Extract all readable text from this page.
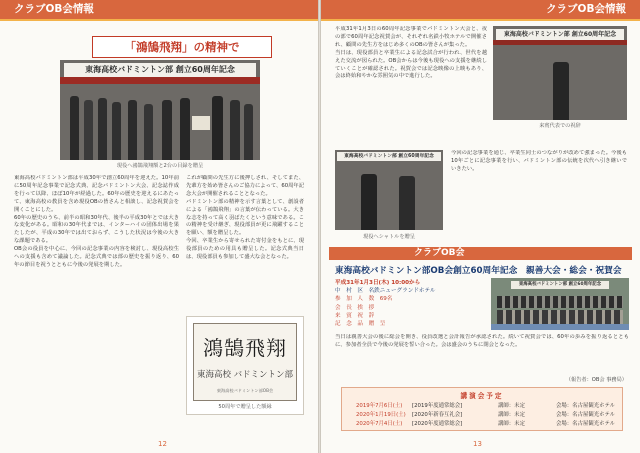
クラブOB会情報
「鴻鵠飛翔」の精神で
東海高校バドミントン部 創立60周年記念
現役へ鴻鵠飛翔額と2台の目録を贈呈

東海高校バドミントン部は平成30年で創立60周年を迎えた。10年前に50周年記念事業で記念式典、記念バドミントン大会、記念誌作成を行って以降、ほぼ10年が経過した。60年の歴史を迎えるにあたって、東海高校の教員を含め現役OBの皆さんと相談し、記念祝賀会を開くことにした。

60年の歴史のうち、前半の昭和30年代、後半の平成30年とでは大きな変化がある。昭和の30年代までは、インターハイの団体出場を果たしたが、平成の30年では出ておらず、こうした状況は今後の大きな課題である。

OB会の役員を中心に、今回の記念事業の内容を検討し、現役高校生への支援も含めて議論した。記念式典では部の歴史を振り返り、60年の節目を祝うとともに今後の発展を期した。

これが顧問の先生方に後押しされ、そしてまた、先輩方を始め皆さんのご協力によって、60周年記念大会が開催されることとなった。

バドミントン部の精神を示す言葉として、創設者による「鴻鵠飛翔」の言葉が伝わっている。大きな志を持って高く羽ばたくという意味である。この精神を受け継ぎ、現役部員が更に飛躍することを願い、額を贈呈した。

今回、卒業生から寄せられた寄付金をもとに、現役部員のための用具も贈呈した。記念式典当日は、現役部員も参加して盛大な会となった。

鴻鵠飛翔
東海高校 バドミントン部
東海高校バドミントン部OB会
50周年で贈呈した額縁
12
クラブOB会情報

平成31年1月3日の60周年記念事業でバドミントン大会と、夜の部で60周年記念祝賀会が、それぞれ名鉄小牧ホテルで開催され、顧問の先生方をはじめ多くのOBの皆さんが集った。

当日は、現役部員と卒業生による記念試合が行われ、世代を越えた交流が図られた。OB会からは今後も現役への支援を継続していくことが確認された。祝賀会では記念映像の上映もあり、会は終始和やかな雰囲気の中で進行した。

東海高校バドミントン部 創立60周年記念
来賓代表での祝辞
東海高校バドミントン部 創立60周年記念
現役へシャトルを贈呈

今回の記念事業を通じ、卒業生同士のつながりが改めて強まった。今後も10年ごとに記念事業を行い、バドミントン部の伝統を次代へ引き継いでいきたい。

クラブOB会
東海高校バドミントン部OB会創立60周年記念　親善大会・総会・祝賀会
平成31年1月3日(木) 10:00から
中　村　区　名鉄ニューグランドホテル
参　加　人　数　69名
会　長　挨　拶
来　賓　祝　辞
記　念　品　贈　呈
東海高校バドミントン部 創立60周年記念

当日は親善大会の後に総会を開き、役員改選と会計報告が承認された。続いて祝賀会では、60年の歩みを振り返るとともに、参加者全員で今後の発展を誓い合った。会は盛会のうちに閉会となった。

（報告者：OB会 事務局）
講演会予定
2019年7月6日(土) [2019年度通常総会]	講師：未定	会場：名古屋観光ホテル
2020年1月19日(土) [2020年新春互礼会]	講師：未定	会場：名古屋観光ホテル
2020年7月4日(土) [2020年度通常総会]	講師：未定	会場：名古屋観光ホテル
13
